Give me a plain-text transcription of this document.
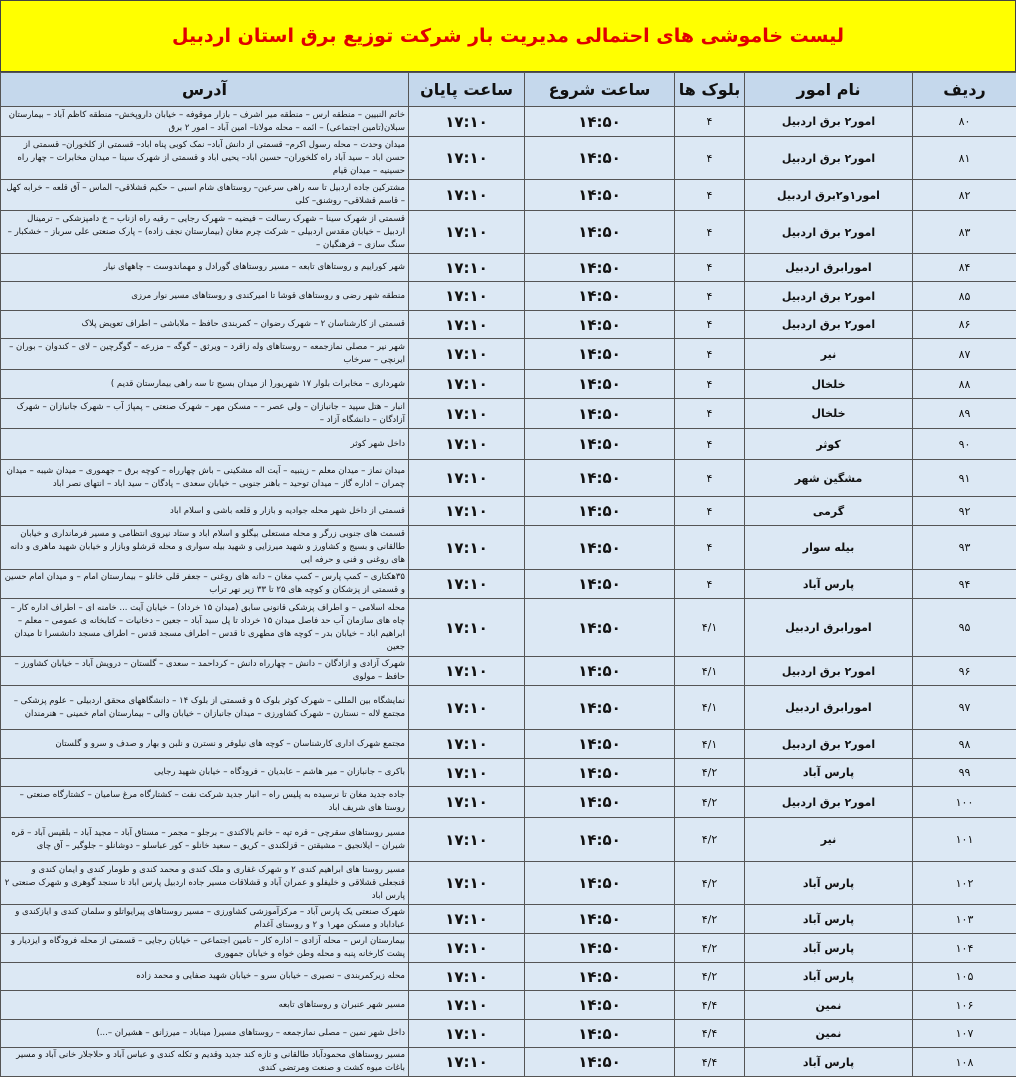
لیست خاموشی های احتمالی مدیریت بار شرکت توزیع برق استان اردبیل
ردیف	نام امور	بلوک ها	ساعت شروع	ساعت پایان	آدرس
۸۰	امور۲ برق اردبیل	۴	۱۴:۵۰	۱۷:۱۰	خاتم النبیین – منطقه ارس – منطقه میر اشرف – بازار موقوفه – خیابان داروپخش– منطقه کاظم آباد – بیمارستان سبلان(تامین اجتماعی) – ائمه – محله مولانا– امین آباد – امور ۲ برق
۸۱	امور۲ برق اردبیل	۴	۱۴:۵۰	۱۷:۱۰	میدان وحدت – محله رسول اکرم– قسمتی از دانش آباد– نمک کوبی پناه اباد– قسمتی از کلخوران– قسمتی از حسن اباد – سید آباد راه کلخوران– حسین اباد– یحیی اباد و قسمتی از شهرک سینا – میدان مخابرات – چهار راه حسینیه – میدان قیام
۸۲	امور۱و۲برق اردبیل	۴	۱۴:۵۰	۱۷:۱۰	مشترکین جاده اردبیل تا سه راهی سرعین– روستاهای شام اسبی – حکیم قشلاقی– الماس – آق قلعه – خرابه کهل – قاسم قشلاقی– روشنق– کلی
۸۳	امور۲ برق اردبیل	۴	۱۴:۵۰	۱۷:۱۰	قسمتی از شهرک سینا – شهرک رسالت – فیضیه – شهرک رجایی – رقیه راه ازناب – خ دامپزشکی – ترمینال اردبیل – خیابان مقدس اردبیلی – شرکت چرم مغان (بیمارستان نجف زاده) – پارک صنعتی علی سرباز – خشکبار – سنگ سازی – فرهنگیان –
۸۴	امورابرق اردبیل	۴	۱۴:۵۰	۱۷:۱۰	شهر کوراییم و روستاهای تابعه – مسیر روستاهای گورادل و مهماندوست – چاههای نیار
۸۵	امور۲ برق اردبیل	۴	۱۴:۵۰	۱۷:۱۰	منطقه شهر رضی و روستاهای قوشا تا امیرکندی و روستاهای مسیر نوار مرزی
۸۶	امور۲ برق اردبیل	۴	۱۴:۵۰	۱۷:۱۰	قسمتی از کارشناسان ۲ – شهرک رضوان – کمربندی حافظ – ملاباشی – اطراف تعویض پلاک
۸۷	نیر	۴	۱۴:۵۰	۱۷:۱۰	شهر نیر – مصلی نمازجمعه – روستاهای وله زاقرد – ویرثق – گوگه – مزرعه – گوگرچین – لای – کندوان – بوران – ایرنچی – سرخاب
۸۸	خلخال	۴	۱۴:۵۰	۱۷:۱۰	شهرداری – مخابرات بلوار ۱۷ شهریور( از میدان بسیج تا سه راهی بیمارستان قدیم )
۸۹	خلخال	۴	۱۴:۵۰	۱۷:۱۰	انبار – هتل سپید – جانبازان – ولی عصر – – مسکن مهر – شهرک صنعتی – پمپاژ آب – شهرک جانبازان – شهرک آزادگان – دانشگاه آزاد –
۹۰	کوثر	۴	۱۴:۵۰	۱۷:۱۰	داخل شهر کوثر
۹۱	مشگین شهر	۴	۱۴:۵۰	۱۷:۱۰	میدان نماز – میدان معلم – زینبیه – آیت اله مشکینی – باش چهارراه – کوچه برق – جهموری – میدان شیبه – میدان چمران – اداره گاز – میدان توحید – باهنر جنوبی – خیابان سعدی – پادگان – سید اباد – انتهای نصر اباد
۹۲	گرمی	۴	۱۴:۵۰	۱۷:۱۰	قسمتی از داخل شهر محله جوادیه و بازار و قلعه باشی و اسلام اباد
۹۳	بیله سوار	۴	۱۴:۵۰	۱۷:۱۰	قسمت های جنوبی زرگر و محله مستعلی بیگلو و اسلام اباد و ستاد نیروی انتظامی و مسیر فرمانداری و خیابان طالقانی و بسیج و کشاورز و شهید میرزایی و شهید بیله سواری و محله قرشلو وبازار و خیابان شهید ماهری و دانه های روغنی و فنی و حرفه ایی
۹۴	پارس آباد	۴	۱۴:۵۰	۱۷:۱۰	۳۵هکتاری – کمپ پارس – کمپ مغان – دانه های روغنی – جعفر قلی خانلو – بیمارستان امام – و میدان امام حسین و قسمتی از پزشکان و کوچه های ۲۵ تا ۳۳ زیر نهر تراب
۹۵	امورابرق اردبیل	۴/۱	۱۴:۵۰	۱۷:۱۰	محله اسلامی – و اطراف پزشکی قانونی سابق (میدان ۱۵ خرداد) – خیابان آیت ... خامنه ای – اطراف اداره کار – چاه های سازمان آب حد فاصل میدان ۱۵ خرداد تا پل سید آباد – جعین – دخانیات – کتابخانه ی عمومی – معلم – ابراهیم اباد – خیابان بدر – کوچه های مطهری تا قدس – اطراف مسجد قدس – اطراف مسجد دانشسرا تا میدان جعین
۹۶	امور۲ برق اردبیل	۴/۱	۱۴:۵۰	۱۷:۱۰	شهرک آزادی و ازادگان – دانش – چهارراه دانش – کرداحمد – سعدی – گلستان – درویش آباد – خیابان کشاورز – حافظ – مولوی
۹۷	امورابرق اردبیل	۴/۱	۱۴:۵۰	۱۷:۱۰	نمایشگاه بین المللی – شهرک کوثر بلوک ۵ و قسمتی از بلوک ۱۴ – دانشگاههای محقق اردبیلی – علوم پزشکی – مجتمع لاله – نستارن – شهرک کشاورزی – میدان جانبازان – خیابان والی – بیمارستان امام خمینی – هنرمندان
۹۸	امور۲ برق اردبیل	۴/۱	۱۴:۵۰	۱۷:۱۰	مجتمع شهرک اداری کارشناسان – کوچه های نیلوفر و نسترن و نلبن و بهار و صدف و سرو و گلستان
۹۹	پارس آباد	۴/۲	۱۴:۵۰	۱۷:۱۰	باکری – جانبازان – میر هاشم – عابدیان – فرودگاه – خیابان شهید رجایی
۱۰۰	امور۲ برق اردبیل	۴/۲	۱۴:۵۰	۱۷:۱۰	جاده جدید مغان تا نرسیده به پلیس راه – انبار جدید شرکت نفت – کشتارگاه مرغ سامیان – کشتارگاه صنعتی – روستا های شریف اباد
۱۰۱	نیر	۴/۲	۱۴:۵۰	۱۷:۱۰	مسیر روستاهای سقرچی – قره تپه – خانم بالاکندی – برجلو – مجمر – مستاق آباد – مجید آباد – بلقیس آباد – قره شیران – ایلانجیق – مشیقتن – قزلکندی – کریق – سعید خانلو – کور عباسلو – دوشانلو – جلوگیر – آق چای
۱۰۲	پارس آباد	۴/۲	۱۴:۵۰	۱۷:۱۰	مسیر روستا های ابراهیم کندی ۲ و شهرک غفاری و ملک کندی و محمد کندی و طومار کندی و ایمان کندی و قنجعلی قشلاقی و خلیفلو و عمران آباد و قشلاقات مسیر جاده اردبیل پارس اباد تا سنجد گوهری و شهرک صنعتی ۲ پارس اباد
۱۰۳	پارس آباد	۴/۲	۱۴:۵۰	۱۷:۱۰	شهرک صنعتی یک پارس آباد – مرکزآموزشی کشاورزی – مسیر روستاهای پیرایواتلو و سلمان کندی و ایازکندی و عباداباد و مسکن مهر۱ و ۲ و روستای آغدام
۱۰۴	پارس آباد	۴/۲	۱۴:۵۰	۱۷:۱۰	بیمارستان ارس – محله آزادی – اداره کار – تامین اجتماعی – خیابان رجایی – قسمتی از محله فرودگاه و ایزدیار و پشت کارخانه پنبه و محله وطن خواه و خیابان جمهوری
۱۰۵	پارس آباد	۴/۲	۱۴:۵۰	۱۷:۱۰	محله زیرکمربندی – نصیری – خیابان سرو – خیابان شهید صفایی و محمد زاده
۱۰۶	نمین	۴/۴	۱۴:۵۰	۱۷:۱۰	مسیر شهر عنبران و روستاهای تابعه
۱۰۷	نمین	۴/۴	۱۴:۵۰	۱۷:۱۰	داخل شهر نمین – مصلی نمازجمعه – روستاهای مسیر( میناباد – میرزانق – هشیران –...)
۱۰۸	پارس آباد	۴/۴	۱۴:۵۰	۱۷:۱۰	مسیر روستاهای محمودآباد طالقانی و تازه کند جدید وقدیم و تکله کندی و عباس آباد و حلاجلار خانی آباد و مسیر باغات میوه کشت و صنعت ومرتضی کندی
